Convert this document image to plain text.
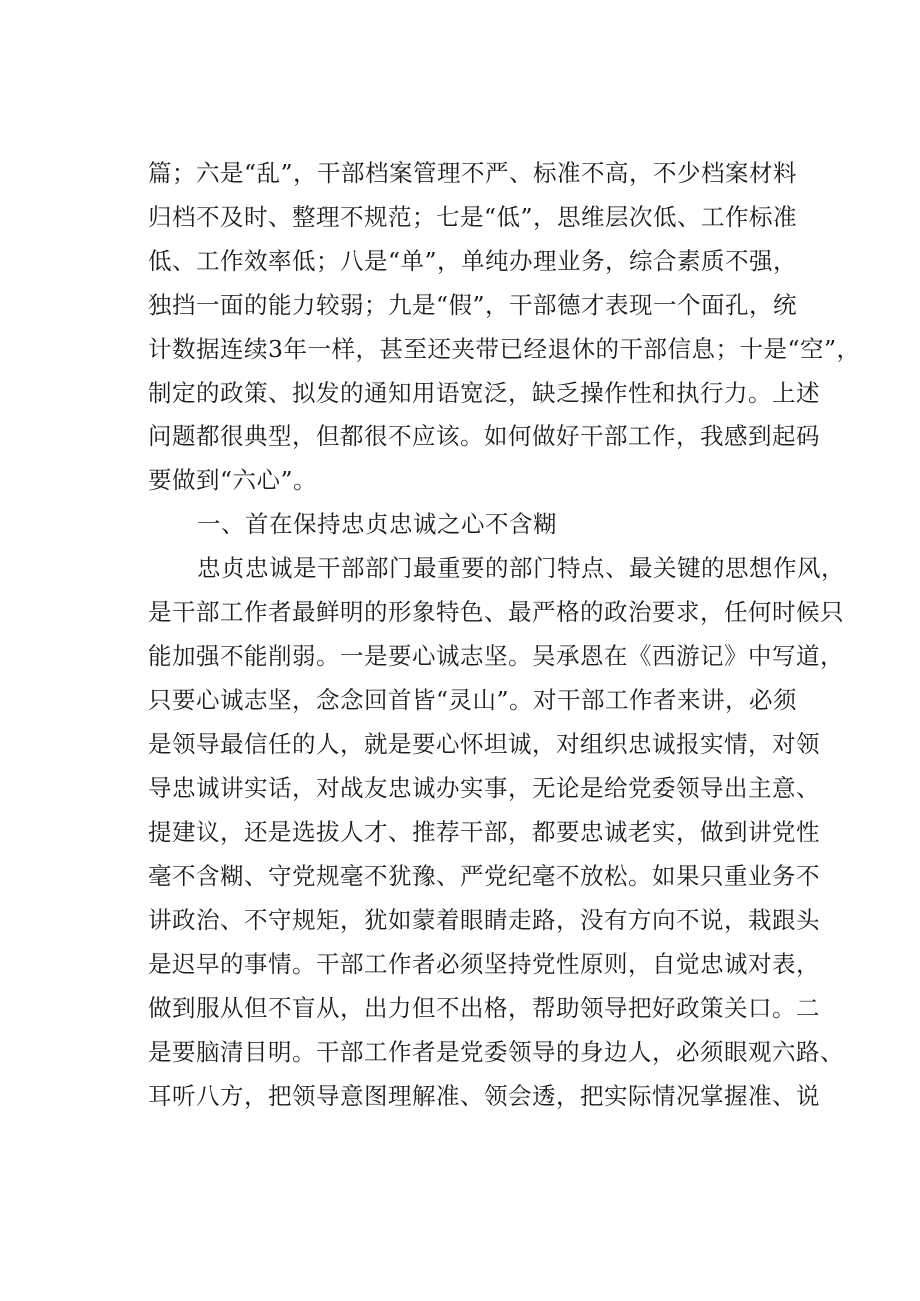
篇；六是“乱”，干部档案管理不严、标准不高，不少档案材料
归档不及时、整理不规范；七是“低”，思维层次低、工作标准
低、工作效率低；八是“单”，单纯办理业务，综合素质不强，
独挡一面的能力较弱；九是“假”，干部德才表现一个面孔，统
计数据连续3年一样，甚至还夹带已经退休的干部信息；十是“空”，
制定的政策、拟发的通知用语宽泛，缺乏操作性和执行力。上述
问题都很典型，但都很不应该。如何做好干部工作，我感到起码
要做到“六心”。
一、首在保持忠贞忠诚之心不含糊
忠贞忠诚是干部部门最重要的部门特点、最关键的思想作风，
是干部工作者最鲜明的形象特色、最严格的政治要求，任何时候只
能加强不能削弱。一是要心诚志坚。吴承恩在《西游记》中写道，
只要心诚志坚，念念回首皆“灵山”。对干部工作者来讲，必须
是领导最信任的人，就是要心怀坦诚，对组织忠诚报实情，对领
导忠诚讲实话，对战友忠诚办实事，无论是给党委领导出主意、
提建议，还是选拔人才、推荐干部，都要忠诚老实，做到讲党性
毫不含糊、守党规毫不犹豫、严党纪毫不放松。如果只重业务不
讲政治、不守规矩，犹如蒙着眼睛走路，没有方向不说，栽跟头
是迟早的事情。干部工作者必须坚持党性原则，自觉忠诚对表，
做到服从但不盲从，出力但不出格，帮助领导把好政策关口。二
是要脑清目明。干部工作者是党委领导的身边人，必须眼观六路、
耳听八方，把领导意图理解准、领会透，把实际情况掌握准、说
